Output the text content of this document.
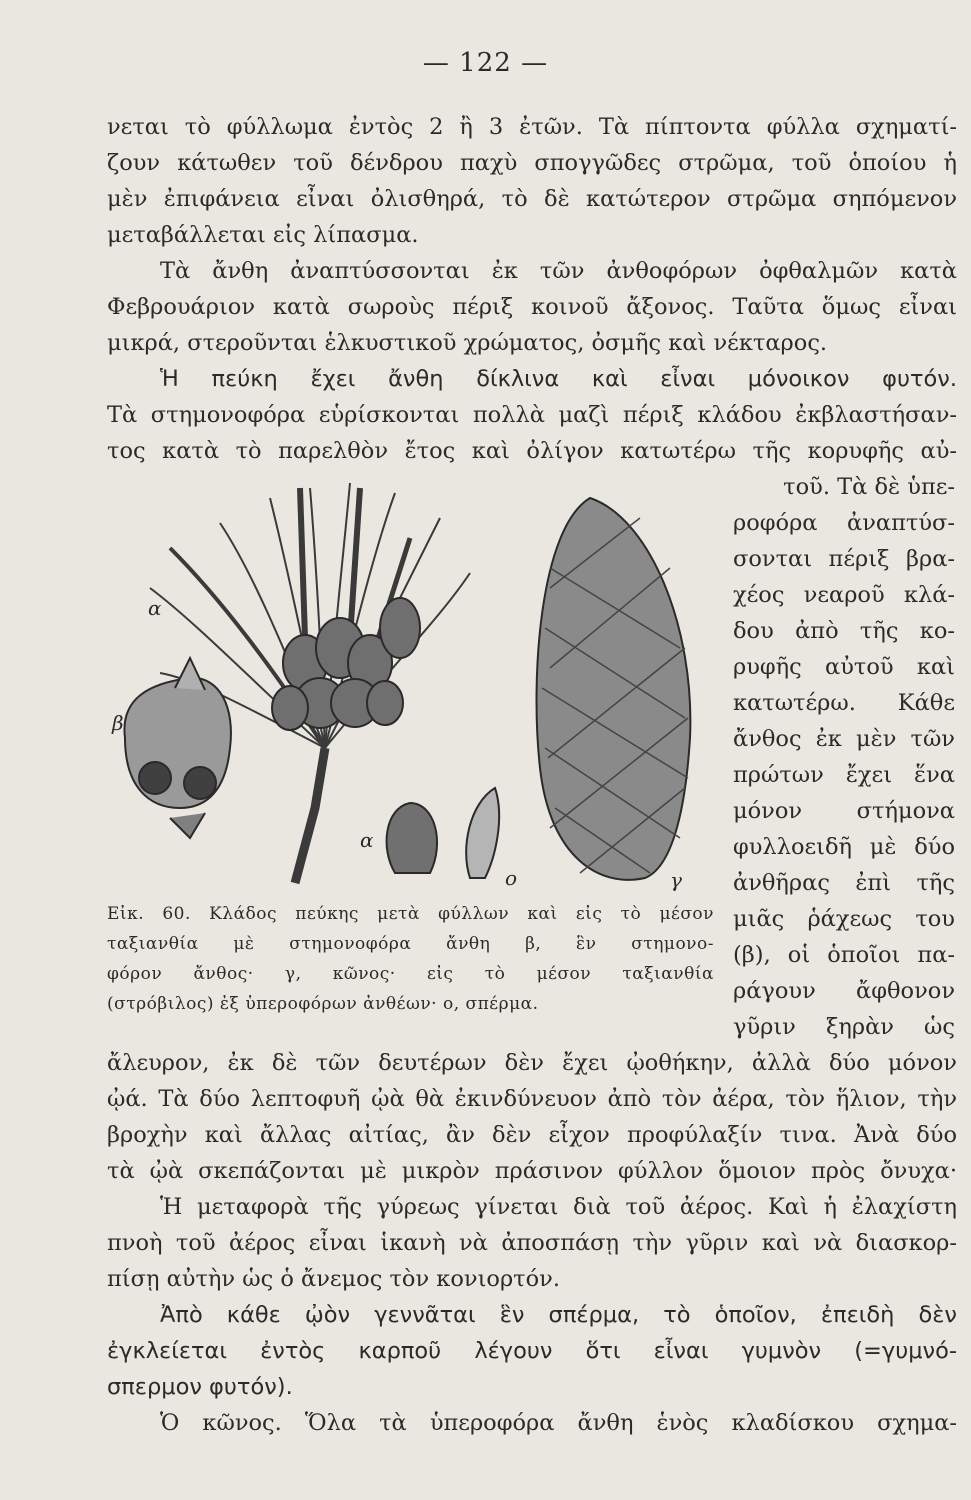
— 122 —
νεται τὸ φύλλωμα ἐντὸς 2 ἢ 3 ἐτῶν. Τὰ πίπτοντα φύλλα σχηματί-
ζουν κάτωθεν τοῦ δένδρου παχὺ σπογγῶδες στρῶμα, τοῦ ὁποίου ἡ
μὲν ἐπιφάνεια εἶναι ὀλισθηρά, τὸ δὲ κατώτερον στρῶμα σηπόμενον
μεταβάλλεται εἰς λίπασμα.
Τὰ ἄνθη ἀναπτύσσονται ἐκ τῶν ἀνθοφόρων ὀφθαλμῶν κατὰ
Φεβρουάριον κατὰ σωροὺς πέριξ κοινοῦ ἄξονος. Ταῦτα ὅμως εἶναι
μικρά, στεροῦνται ἑλκυστικοῦ χρώματος, ὀσμῆς καὶ νέκταρος.
Ἡ πεύκη ἔχει ἄνθη δίκλινα καὶ εἶναι μόνοικον φυτόν.
Τὰ στημονοφόρα εὑρίσκονται πολλὰ μαζὶ πέριξ κλάδου ἐκβλαστήσαν-
τος κατὰ τὸ παρελθὸν ἔτος καὶ ὀλίγον κατωτέρω τῆς κορυφῆς αὐ-
τοῦ. Τὰ δὲ ὑπε-
ροφόρα ἀναπτύσ-
σονται πέριξ βρα-
χέος νεαροῦ κλά-
δου ἀπὸ τῆς κο-
ρυφῆς αὐτοῦ καὶ
κατωτέρω. Κάθε
ἄνθος ἐκ μὲν τῶν
πρώτων ἔχει ἕνα
μόνον στήμονα
φυλλοειδῆ μὲ δύο
ἀνθῆρας ἐπὶ τῆς
μιᾶς ῥάχεως του
(β), οἱ ὁποῖοι πα-
ράγουν ἄφθονον
γῦριν ξηρὰν ὡς
α
β
α
ο	γ
Εἰκ. 60. Κλάδος πεύκης μετὰ φύλλων καὶ εἰς τὸ μέσον
ταξιανθία μὲ στημονοφόρα ἄνθη β, ἓν στημονο-
φόρον ἄνθος· γ, κῶνος· εἰς τὸ μέσον ταξιανθία
(στρόβιλος) ἐξ ὑπεροφόρων ἀνθέων· ο, σπέρμα.
ἄλευρον, ἐκ δὲ τῶν δευτέρων δὲν ἔχει ᾠοθήκην, ἀλλὰ δύο μόνον
ᾠά. Τὰ δύο λεπτοφυῆ ᾠὰ θὰ ἐκινδύνευον ἀπὸ τὸν ἀέρα, τὸν ἥλιον, τὴν
βροχὴν καὶ ἄλλας αἰτίας, ἂν δὲν εἶχον προφύλαξίν τινα. Ἀνὰ δύο
τὰ ᾠὰ σκεπάζονται μὲ μικρὸν πράσινον φύλλον ὅμοιον πρὸς ὄνυχα·
Ἡ μεταφορὰ τῆς γύρεως γίνεται διὰ τοῦ ἀέρος. Καὶ ἡ ἐλαχίστη
πνοὴ τοῦ ἀέρος εἶναι ἱκανὴ νὰ ἀποσπάσῃ τὴν γῦριν καὶ νὰ διασκορ-
πίσῃ αὐτὴν ὡς ὁ ἄνεμος τὸν κονιορτόν.
Ἀπὸ κάθε ᾠὸν γεννᾶται ἓν σπέρμα, τὸ ὁποῖον, ἐπειδὴ δὲν
ἐγκλείεται ἐντὸς καρποῦ λέγουν ὅτι εἶναι γυμνὸν (=γυμνό-
σπερμον φυτόν).
Ὁ κῶνος. Ὅλα τὰ ὑπεροφόρα ἄνθη ἑνὸς κλαδίσκου σχημα-
